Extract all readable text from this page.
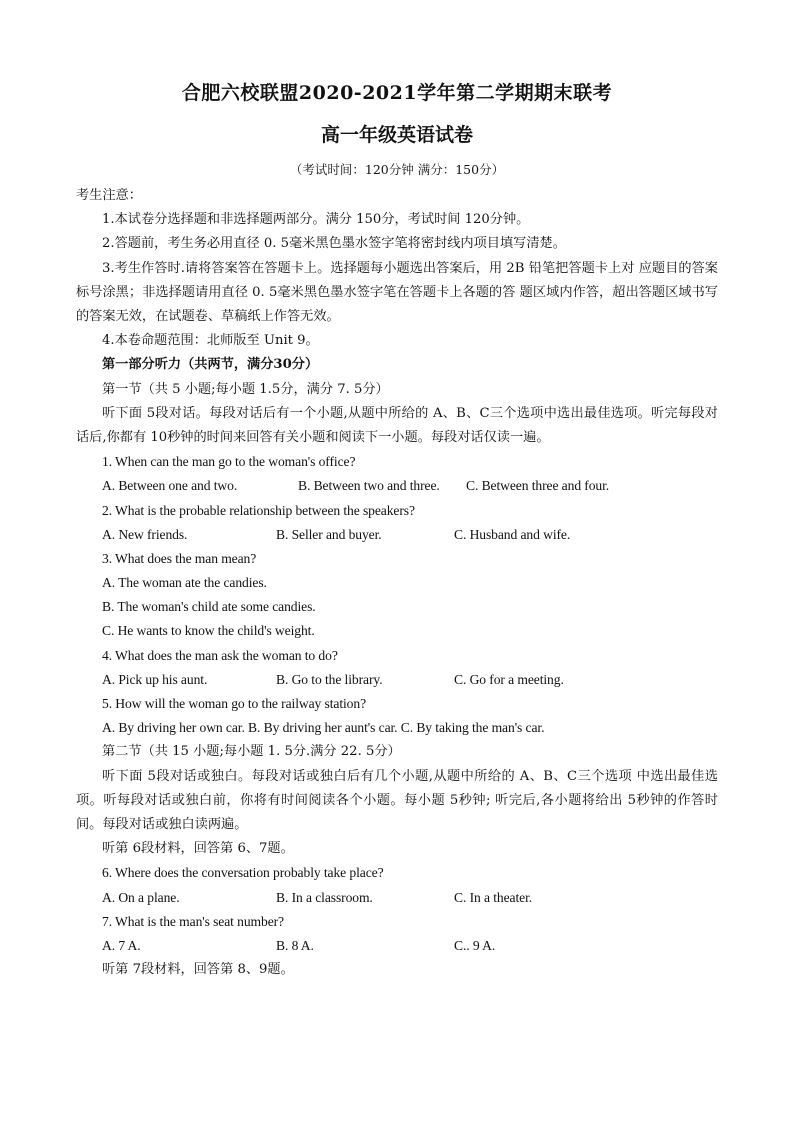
合肥六校联盟2020-2021学年第二学期期末联考
高一年级英语试卷
（考试时间：120分钟 满分：150分）
考生注意：
1.本试卷分选择题和非选择题两部分。满分 150分，考试时间 120分钟。
2.答题前，考生务必用直径 0. 5毫米黑色墨水签字笔将密封线内项目填写清楚。
3.考生作答时.请将答案答在答题卡上。选择题每小题选出答案后，用 2B 铅笔把答题卡上对 应题目的答案标号涂黑；非选择题请用直径 0. 5毫米黑色墨水签字笔在答题卡上各题的答 题区域内作答，超出答题区域书写的答案无效，在试题卷、草稿纸上作答无效。
4.本卷命题范围：北师版至 Unit 9。
第一部分听力（共两节，满分30分）
第一节（共 5 小题;每小题 1.5分，满分 7. 5分）
听下面 5段对话。每段对话后有一个小题,从题中所给的 A、B、C三个选项中选出最佳选项。听完每段对话后,你都有 10秒钟的时间来回答有关小题和阅读下一小题。每段对话仅读一遍。
1. When can the man go to the woman's office?
A. Between one and two.	B. Between two and three.	C. Between three and four.
2. What is the probable relationship between the speakers?
A. New friends.	B. Seller and buyer.	C. Husband and wife.
3. What does the man mean?
A. The woman ate the candies.
B. The woman's child ate some candies.
C. He wants to know the child's weight.
4. What does the man ask the woman to do?
A. Pick up his aunt.	B. Go to the library.	C. Go for a meeting.
5. How will the woman go to the railway station?
A. By driving her own car. B. By driving her aunt's car. C. By taking the man's car.
第二节（共 15 小题;每小题 1. 5分.满分 22. 5分）
听下面 5段对话或独白。每段对话或独白后有几个小题,从题中所给的 A、B、C三个选项 中选出最佳选项。听每段对话或独白前，你将有时间阅读各个小题。每小题 5秒钟; 听完后,各小题将给出 5秒钟的作答时间。每段对话或独白读两遍。
听第 6段材料，回答第 6、7题。
6. Where does the conversation probably take place?
A. On a plane.	B. In a classroom.	C. In a theater.
7. What is the man's seat number?
A. 7 A.	B. 8 A.	C.. 9 A.
听第 7段材料，回答第 8、9题。
